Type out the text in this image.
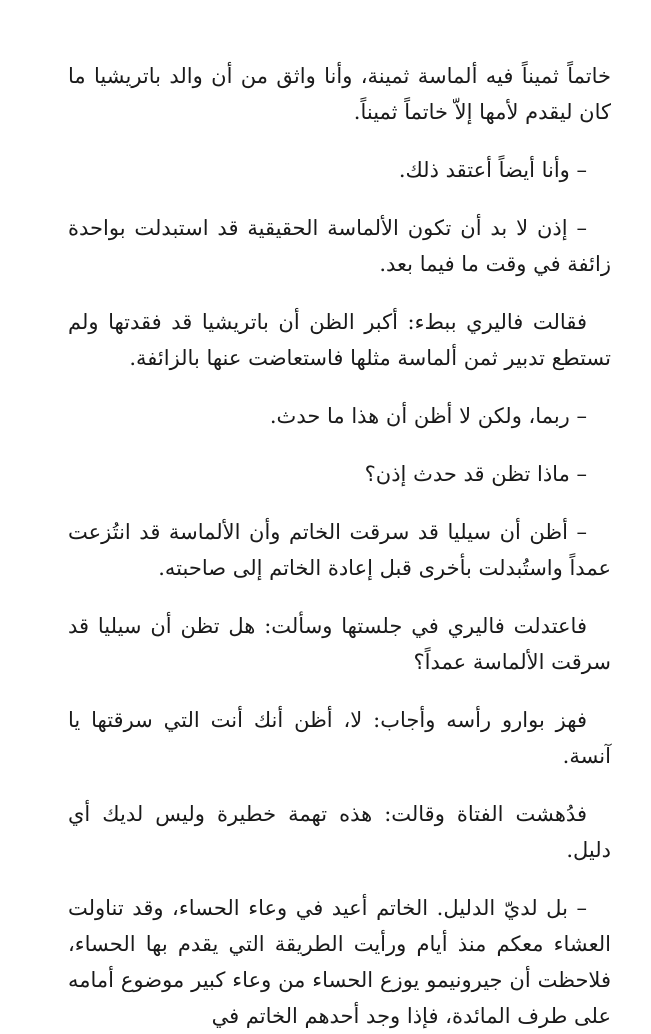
خاتماً ثميناً فيه ألماسة ثمينة، وأنا واثق من أن والد باتريشيا ما كان ليقدم لأمها إلاّ خاتماً ثميناً.

– وأنا أيضاً أعتقد ذلك.

– إذن لا بد أن تكون الألماسة الحقيقية قد استبدلت بواحدة زائفة في وقت ما فيما بعد.

فقالت فاليري ببطء: أكبر الظن أن باتريشيا قد فقدتها ولم تستطع تدبير ثمن ألماسة مثلها فاستعاضت عنها بالزائفة.

– ربما، ولكن لا أظن أن هذا ما حدث.

– ماذا تظن قد حدث إذن؟

– أظن أن سيليا قد سرقت الخاتم وأن الألماسة قد انتُزعت عمداً واستُبدلت بأخرى قبل إعادة الخاتم إلى صاحبته.

فاعتدلت فاليري في جلستها وسألت: هل تظن أن سيليا قد سرقت الألماسة عمداً؟

فهز بوارو رأسه وأجاب: لا، أظن أنك أنت التي سرقتها يا آنسة.

فدُهشت الفتاة وقالت: هذه تهمة خطيرة وليس لديك أي دليل.

– بل لديّ الدليل. الخاتم أعيد في وعاء الحساء، وقد تناولت العشاء معكم منذ أيام ورأيت الطريقة التي يقدم بها الحساء، فلاحظت أن جيرونيمو يوزع الحساء من وعاء كبير موضوع أمامه على طرف المائدة، فإذا وجد أحدهم الخاتم في
